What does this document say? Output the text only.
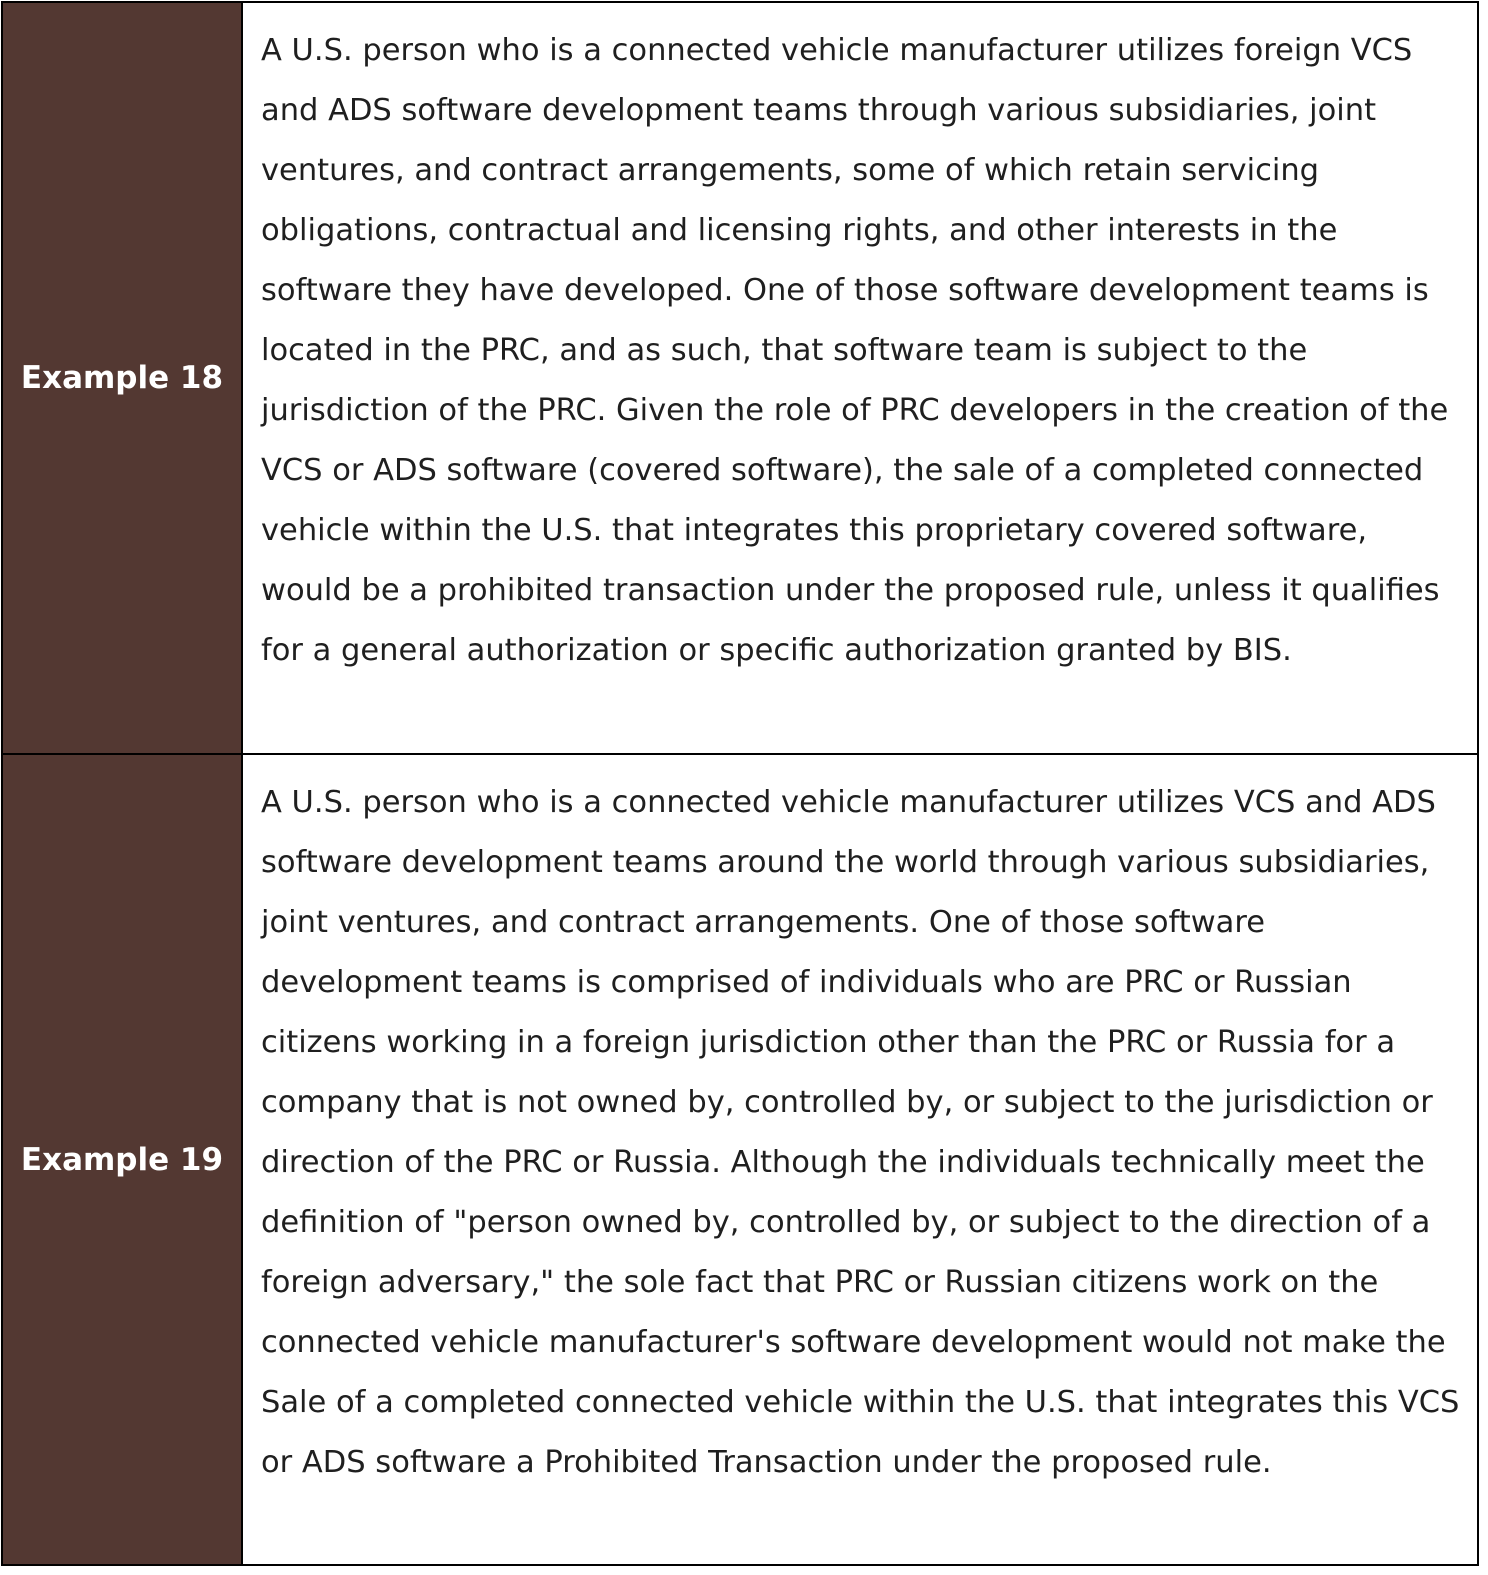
Example 18	A U.S. person who is a connected vehicle manufacturer utilizes foreign VCS and ADS software development teams through various subsidiaries, joint ventures, and contract arrangements, some of which retain servicing obligations, contractual and licensing rights, and other interests in the software they have developed. One of those software development teams is located in the PRC, and as such, that software team is subject to the jurisdiction of the PRC. Given the role of PRC developers in the creation of the VCS or ADS software (covered software), the sale of a completed connected vehicle within the U.S. that integrates this proprietary covered software, would be a prohibited transaction under the proposed rule, unless it qualifies for a general authorization or specific authorization granted by BIS.
Example 19	A U.S. person who is a connected vehicle manufacturer utilizes VCS and ADS software development teams around the world through various subsidiaries, joint ventures, and contract arrangements. One of those software development teams is comprised of individuals who are PRC or Russian citizens working in a foreign jurisdiction other than the PRC or Russia for a company that is not owned by, controlled by, or subject to the jurisdiction or direction of the PRC or Russia. Although the individuals technically meet the definition of "person owned by, controlled by, or subject to the direction of a foreign adversary," the sole fact that PRC or Russian citizens work on the connected vehicle manufacturer's software development would not make the Sale of a completed connected vehicle within the U.S. that integrates this VCS or ADS software a Prohibited Transaction under the proposed rule.
